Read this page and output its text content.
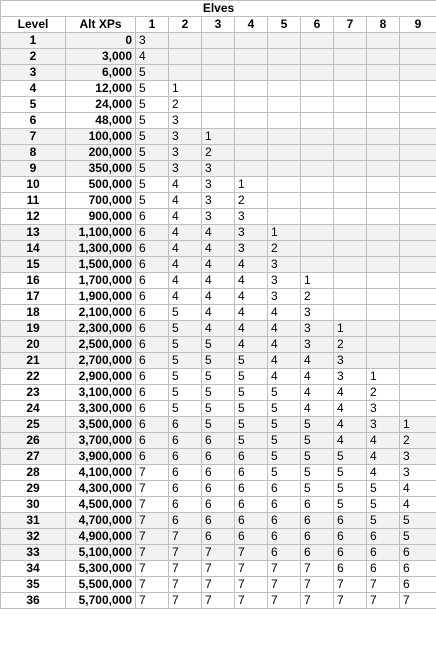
Elves										
Level	Alt XPs	1	2	3	4	5	6	7	8	9
1	0	3								
2	3,000	4								
3	6,000	5								
4	12,000	5	1							
5	24,000	5	2							
6	48,000	5	3							
7	100,000	5	3	1						
8	200,000	5	3	2						
9	350,000	5	3	3						
10	500,000	5	4	3	1					
11	700,000	5	4	3	2					
12	900,000	6	4	3	3					
13	1,100,000	6	4	4	3	1				
14	1,300,000	6	4	4	3	2				
15	1,500,000	6	4	4	4	3				
16	1,700,000	6	4	4	4	3	1			
17	1,900,000	6	4	4	4	3	2			
18	2,100,000	6	5	4	4	4	3			
19	2,300,000	6	5	4	4	4	3	1		
20	2,500,000	6	5	5	4	4	3	2		
21	2,700,000	6	5	5	5	4	4	3		
22	2,900,000	6	5	5	5	4	4	3	1	
23	3,100,000	6	5	5	5	5	4	4	2	
24	3,300,000	6	5	5	5	5	4	4	3	
25	3,500,000	6	6	5	5	5	5	4	3	1
26	3,700,000	6	6	6	5	5	5	4	4	2
27	3,900,000	6	6	6	6	5	5	5	4	3
28	4,100,000	7	6	6	6	5	5	5	4	3
29	4,300,000	7	6	6	6	6	5	5	5	4
30	4,500,000	7	6	6	6	6	6	5	5	4
31	4,700,000	7	6	6	6	6	6	6	5	5
32	4,900,000	7	7	6	6	6	6	6	6	5
33	5,100,000	7	7	7	7	6	6	6	6	6
34	5,300,000	7	7	7	7	7	7	6	6	6
35	5,500,000	7	7	7	7	7	7	7	7	6
36	5,700,000	7	7	7	7	7	7	7	7	7
